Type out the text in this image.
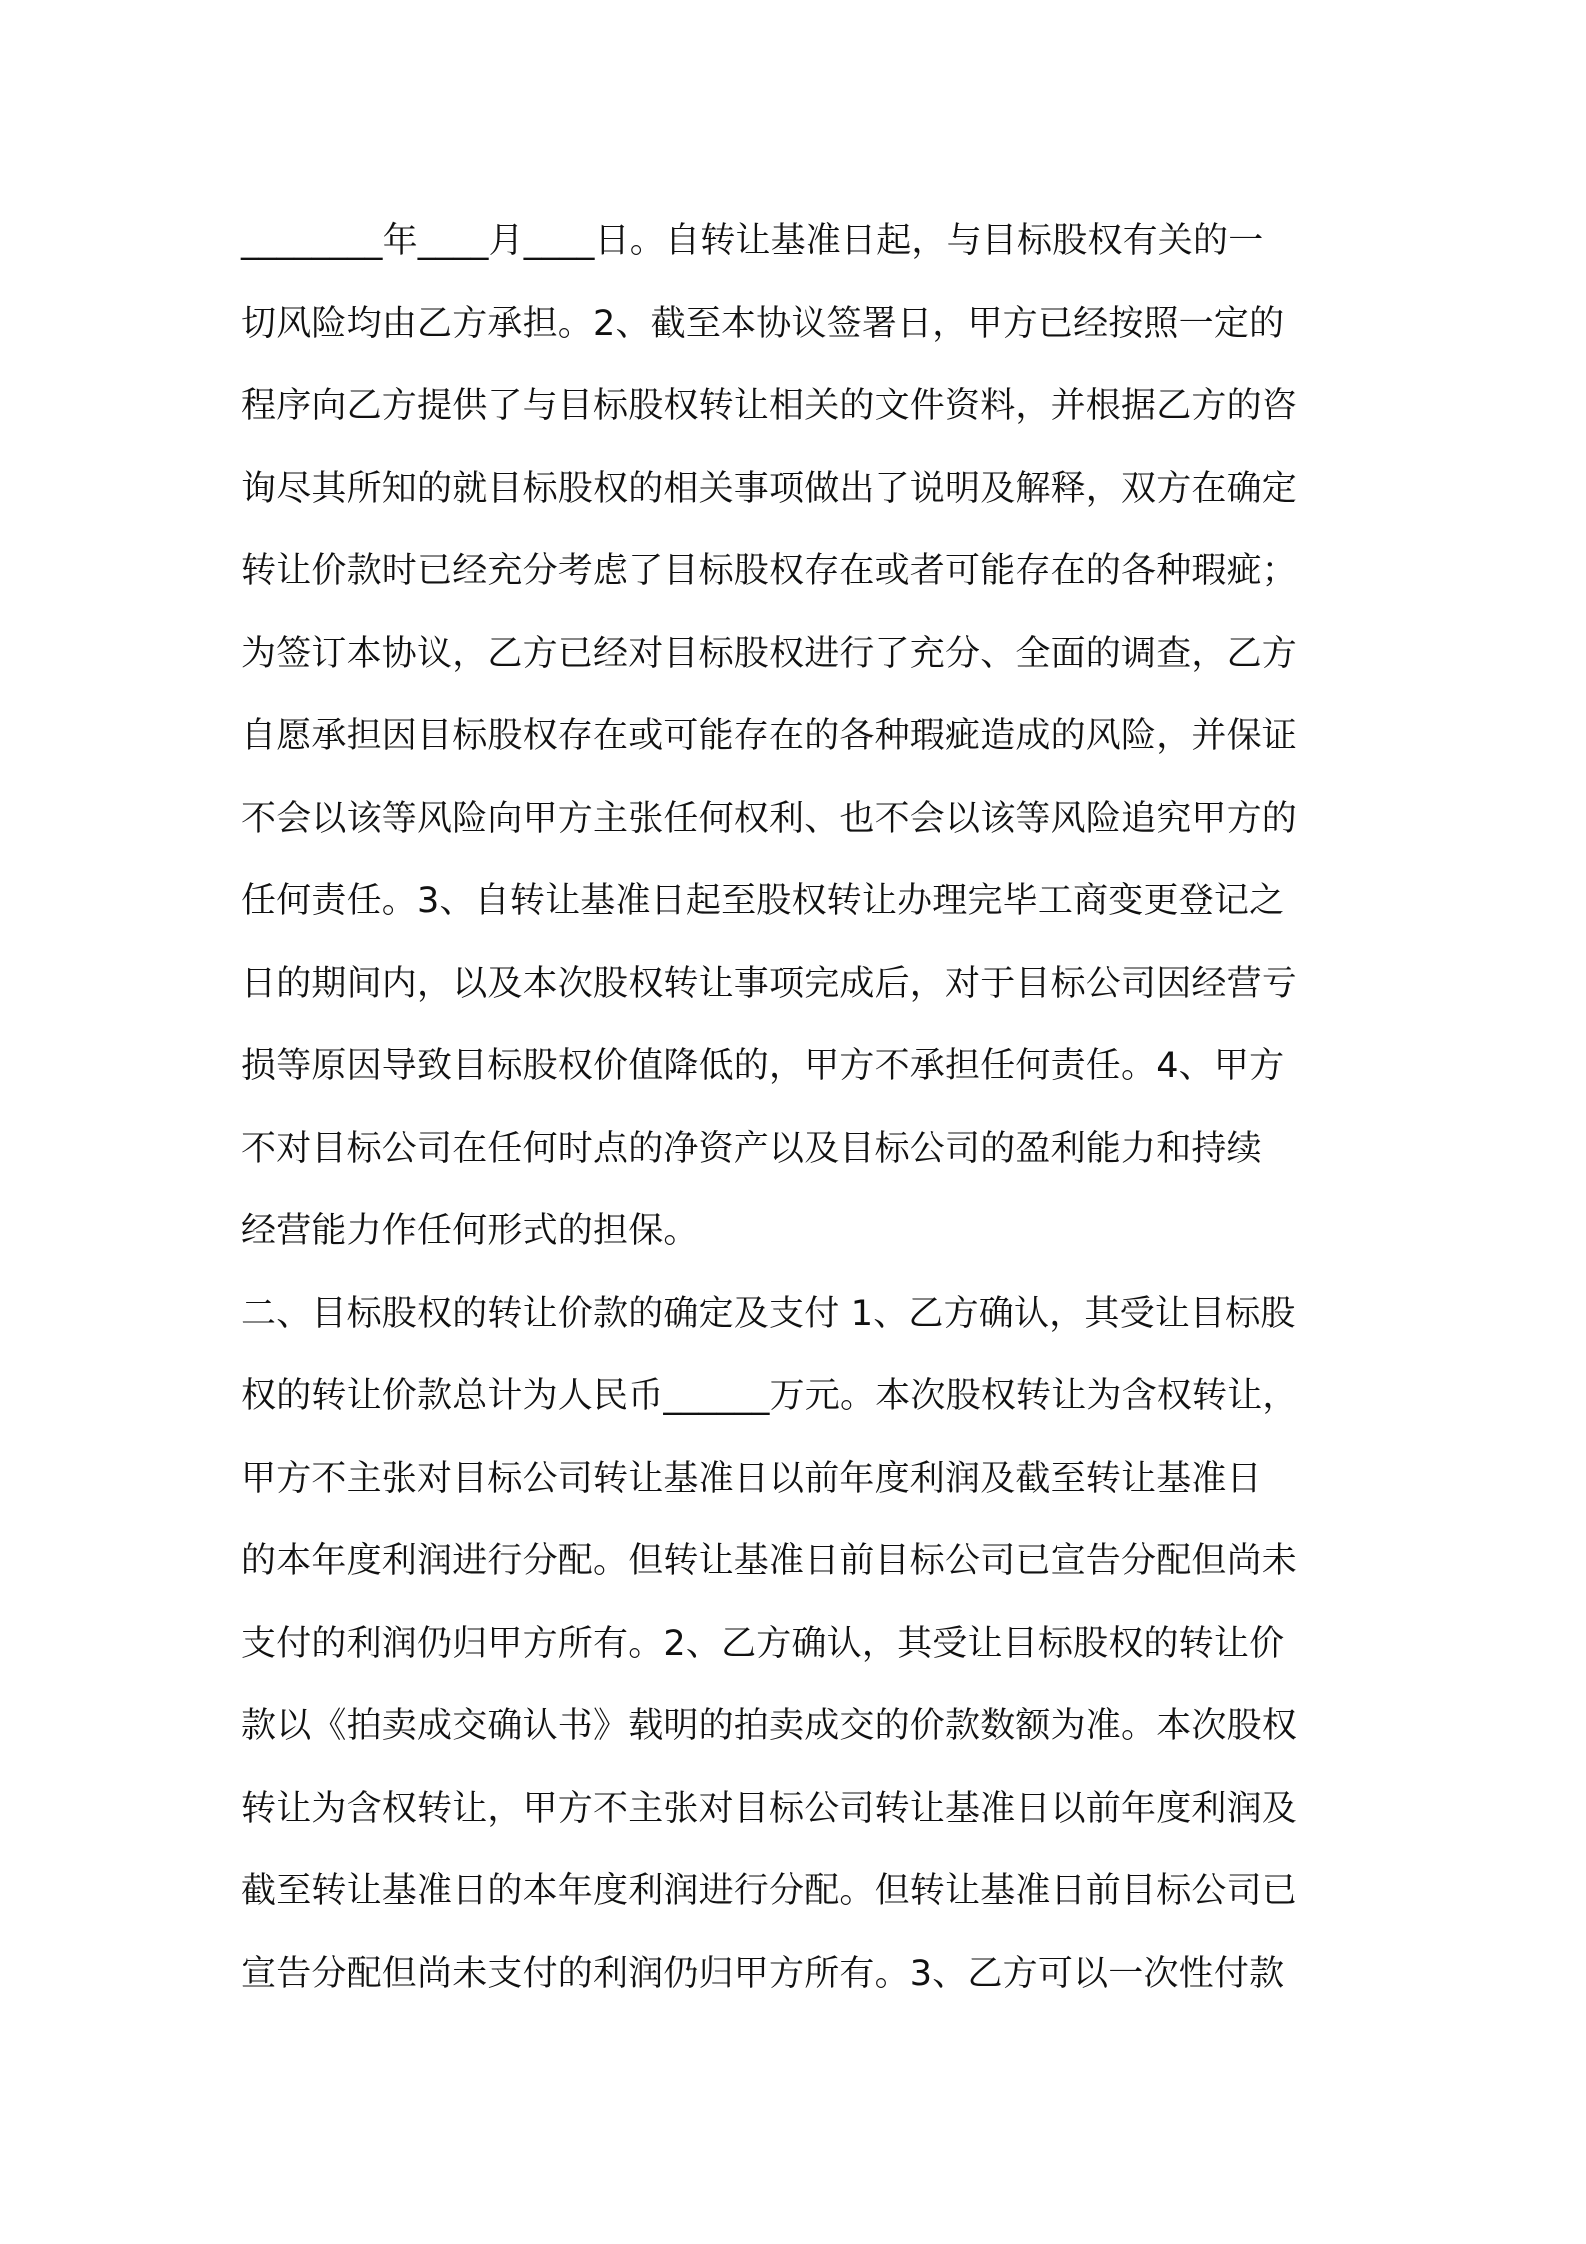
________年____月____日。自转让基准日起，与目标股权有关的一
切风险均由乙方承担。2、截至本协议签署日，甲方已经按照一定的
程序向乙方提供了与目标股权转让相关的文件资料，并根据乙方的咨
询尽其所知的就目标股权的相关事项做出了说明及解释，双方在确定
转让价款时已经充分考虑了目标股权存在或者可能存在的各种瑕疵；
为签订本协议，乙方已经对目标股权进行了充分、全面的调查，乙方
自愿承担因目标股权存在或可能存在的各种瑕疵造成的风险，并保证
不会以该等风险向甲方主张任何权利、也不会以该等风险追究甲方的
任何责任。3、自转让基准日起至股权转让办理完毕工商变更登记之
日的期间内，以及本次股权转让事项完成后，对于目标公司因经营亏
损等原因导致目标股权价值降低的，甲方不承担任何责任。4、甲方
不对目标公司在任何时点的净资产以及目标公司的盈利能力和持续
经营能力作任何形式的担保。
二、目标股权的转让价款的确定及支付 1、乙方确认，其受让目标股
权的转让价款总计为人民币______万元。本次股权转让为含权转让，
甲方不主张对目标公司转让基准日以前年度利润及截至转让基准日
的本年度利润进行分配。但转让基准日前目标公司已宣告分配但尚未
支付的利润仍归甲方所有。2、乙方确认，其受让目标股权的转让价
款以《拍卖成交确认书》载明的拍卖成交的价款数额为准。本次股权
转让为含权转让，甲方不主张对目标公司转让基准日以前年度利润及
截至转让基准日的本年度利润进行分配。但转让基准日前目标公司已
宣告分配但尚未支付的利润仍归甲方所有。3、乙方可以一次性付款
